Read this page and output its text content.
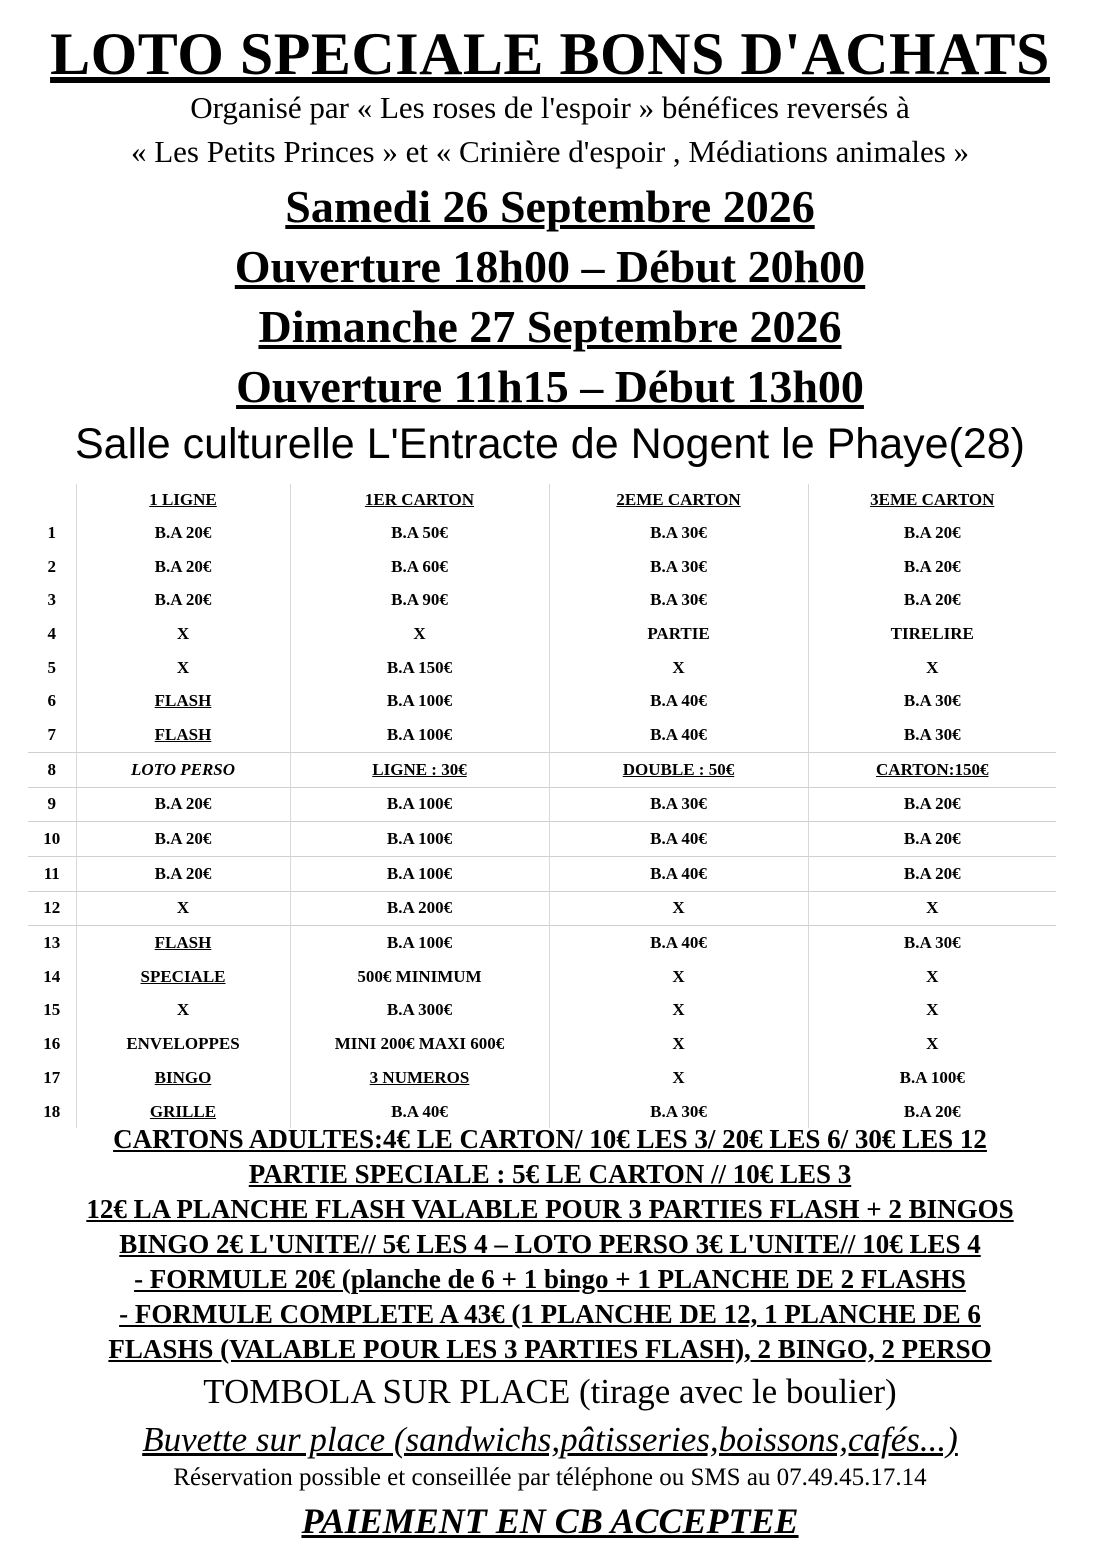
LOTO SPECIALE BONS D'ACHATS
Organisé par « Les roses de l'espoir » bénéfices reversés à
« Les Petits Princes » et « Crinière d'espoir , Médiations animales »
Samedi 26 Septembre 2026
Ouverture 18h00 – Début 20h00
Dimanche 27 Septembre 2026
Ouverture 11h15 – Début 13h00
Salle culturelle L'Entracte de Nogent le Phaye(28)
	1 LIGNE	1ER CARTON	2EME CARTON	3EME CARTON
1	B.A 20€	B.A 50€	B.A 30€	B.A 20€
2	B.A 20€	B.A 60€	B.A 30€	B.A 20€
3	B.A 20€	B.A 90€	B.A 30€	B.A 20€
4	X	X	PARTIE	TIRELIRE
5	X	B.A 150€	X	X
6	FLASH	B.A 100€	B.A 40€	B.A 30€
7	FLASH	B.A 100€	B.A 40€	B.A 30€
8	LOTO PERSO	LIGNE : 30€	DOUBLE : 50€	CARTON:150€
9	B.A 20€	B.A 100€	B.A 30€	B.A 20€
10	B.A 20€	B.A 100€	B.A 40€	B.A 20€
11	B.A 20€	B.A 100€	B.A 40€	B.A 20€
12	X	B.A 200€	X	X
13	FLASH	B.A 100€	B.A 40€	B.A 30€
14	SPECIALE	500€ MINIMUM	X	X
15	X	B.A 300€	X	X
16	ENVELOPPES	MINI 200€ MAXI 600€	X	X
17	BINGO	3 NUMEROS	X	B.A 100€
18	GRILLE	B.A 40€	B.A 30€	B.A 20€
CARTONS ADULTES:4€ LE CARTON/ 10€ LES 3/ 20€ LES 6/ 30€ LES 12
PARTIE SPECIALE : 5€ LE CARTON // 10€ LES 3
12€ LA PLANCHE FLASH VALABLE POUR 3 PARTIES FLASH + 2 BINGOS
BINGO 2€ L'UNITE// 5€ LES 4 – LOTO PERSO 3€ L'UNITE// 10€ LES 4
- FORMULE 20€ (planche de 6 + 1 bingo + 1 PLANCHE DE 2 FLASHS
- FORMULE COMPLETE A 43€ (1 PLANCHE DE 12, 1 PLANCHE DE 6
FLASHS (VALABLE POUR LES 3 PARTIES FLASH), 2 BINGO, 2 PERSO
TOMBOLA SUR PLACE (tirage avec le boulier)
Buvette sur place (sandwichs,pâtisseries,boissons,cafés...)
Réservation possible et conseillée par téléphone ou SMS au 07.49.45.17.14
PAIEMENT EN CB ACCEPTEE
